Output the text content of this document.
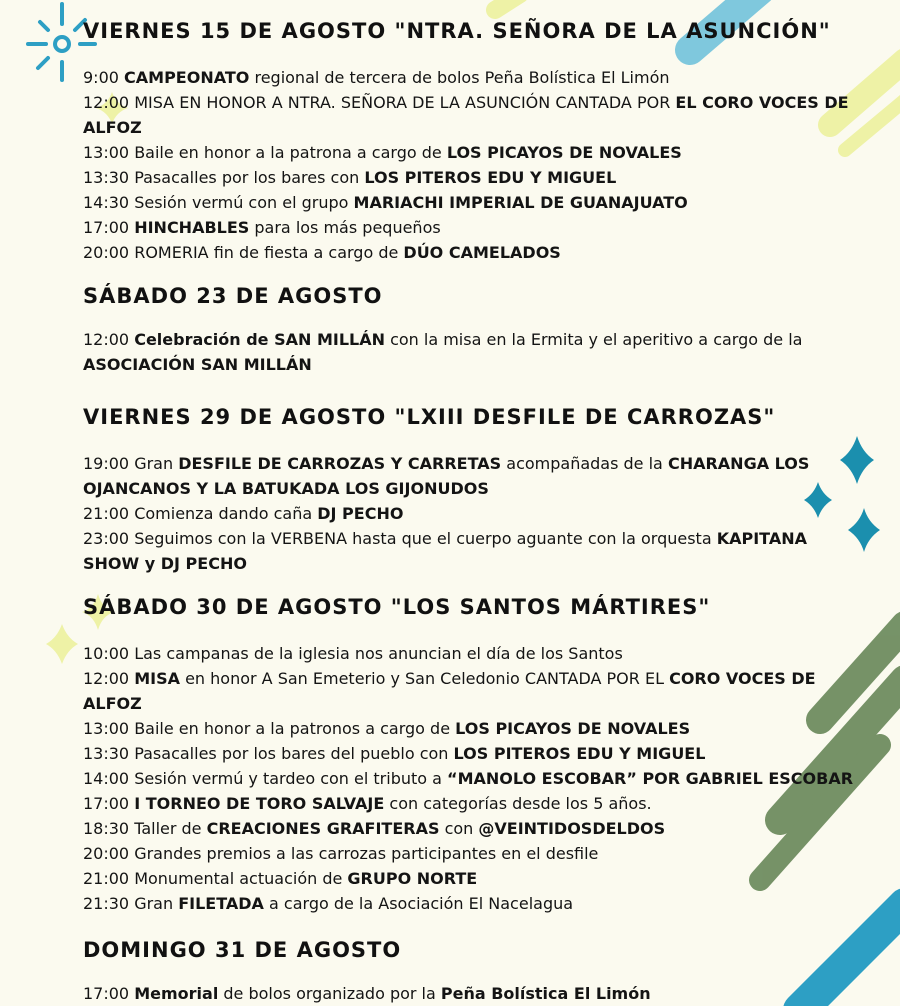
VIERNES 15 DE AGOSTO "NTRA. SEÑORA DE LA ASUNCIÓN"
9:00 CAMPEONATO regional de tercera de bolos Peña Bolística El Limón
12:00 MISA EN HONOR A NTRA. SEÑORA DE LA ASUNCIÓN CANTADA POR EL CORO VOCES DE ALFOZ
13:00 Baile en honor a la patrona a cargo de LOS PICAYOS DE NOVALES
13:30 Pasacalles por los bares con LOS PITEROS EDU Y MIGUEL
14:30 Sesión vermú con el grupo MARIACHI IMPERIAL DE GUANAJUATO
17:00 HINCHABLES para los más pequeños
20:00 ROMERIA fin de fiesta a cargo de DÚO CAMELADOS
SÁBADO 23 DE AGOSTO
12:00 Celebración de SAN MILLÁN con la misa en la Ermita y el aperitivo a cargo de la ASOCIACIÓN SAN MILLÁN
VIERNES 29 DE AGOSTO "LXIII DESFILE DE CARROZAS"
19:00 Gran DESFILE DE CARROZAS Y CARRETAS acompañadas de la CHARANGA LOS OJANCANOS Y LA BATUKADA LOS GIJONUDOS
21:00 Comienza dando caña DJ PECHO
23:00 Seguimos con la VERBENA hasta que el cuerpo aguante con la orquesta KAPITANA SHOW y DJ PECHO
SÁBADO 30 DE AGOSTO "LOS SANTOS MÁRTIRES"
10:00 Las campanas de la iglesia nos anuncian el día de los Santos
12:00 MISA en honor A San Emeterio y San Celedonio CANTADA POR EL CORO VOCES DE ALFOZ
13:00 Baile en honor a la patronos a cargo de LOS PICAYOS DE NOVALES
13:30 Pasacalles por los bares del pueblo con LOS PITEROS EDU Y MIGUEL
14:00 Sesión vermú y tardeo con el tributo a “MANOLO ESCOBAR” POR GABRIEL ESCOBAR
17:00 I TORNEO DE TORO SALVAJE con categorías desde los 5 años.
18:30 Taller de CREACIONES GRAFITERAS con @VEINTIDOSDELDOS
20:00 Grandes premios a las carrozas participantes en el desfile
21:00 Monumental actuación de GRUPO NORTE
21:30 Gran FILETADA a cargo de la Asociación El Nacelagua
DOMINGO 31 DE AGOSTO
17:00 Memorial de bolos organizado por la Peña Bolística El Limón
